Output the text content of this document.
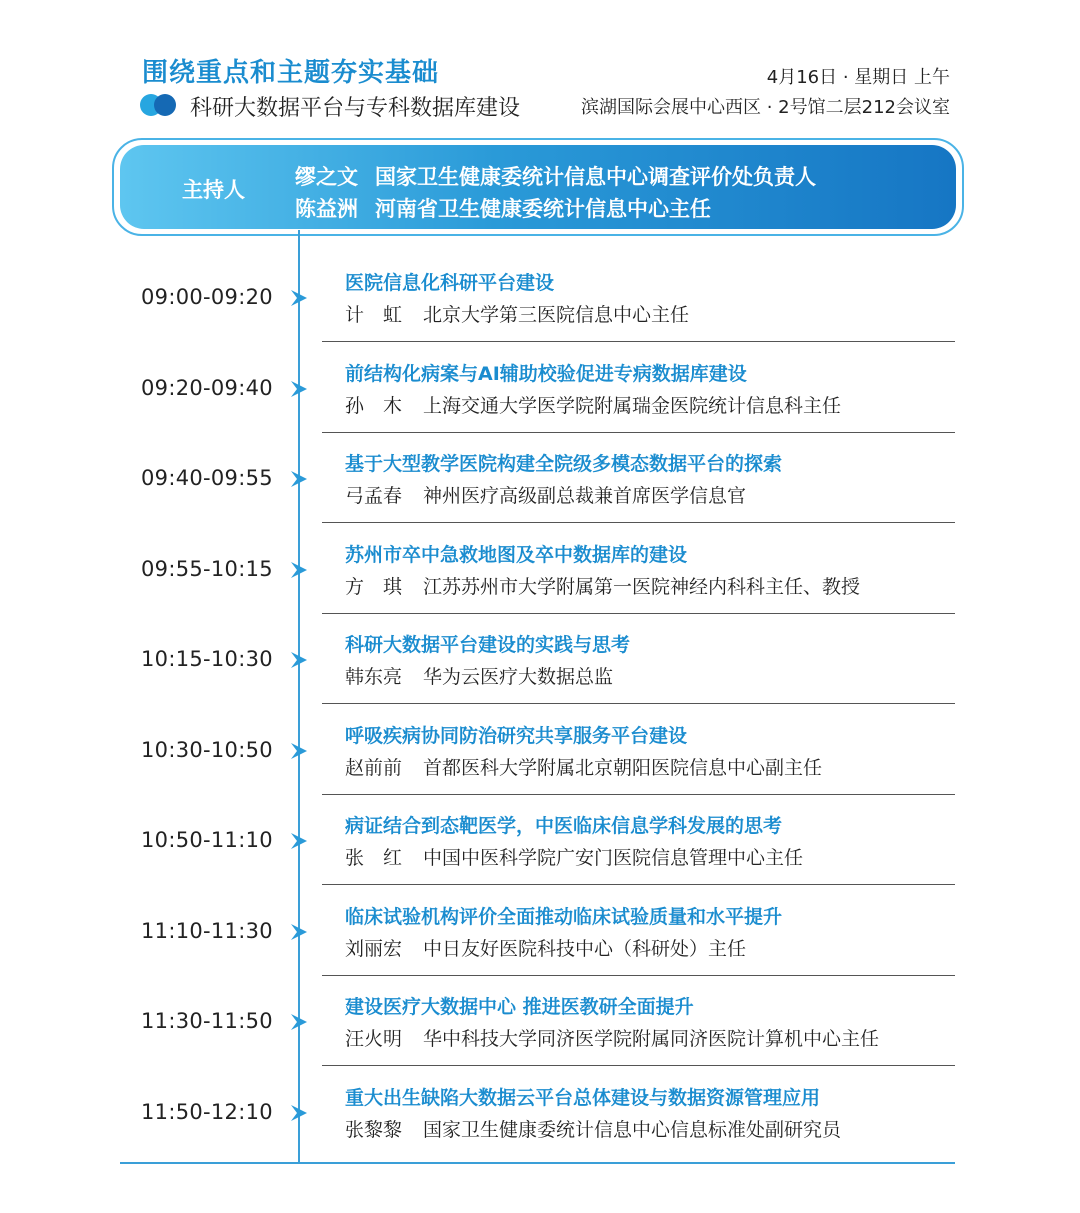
围绕重点和主题夯实基础
科研大数据平台与专科数据库建设
4月16日 · 星期日 上午
滨湖国际会展中心西区 · 2号馆二层212会议室
主持人
缪之文 国家卫生健康委统计信息中心调查评价处负责人
陈益洲 河南省卫生健康委统计信息中心主任
09:00-09:20
医院信息化科研平台建设
计　虹 北京大学第三医院信息中心主任
09:20-09:40
前结构化病案与AI辅助校验促进专病数据库建设
孙　木 上海交通大学医学院附属瑞金医院统计信息科主任
09:40-09:55
基于大型教学医院构建全院级多模态数据平台的探索
弓孟春 神州医疗高级副总裁兼首席医学信息官
09:55-10:15
苏州市卒中急救地图及卒中数据库的建设
方　琪 江苏苏州市大学附属第一医院神经内科科主任、教授
10:15-10:30
科研大数据平台建设的实践与思考
韩东亮 华为云医疗大数据总监
10:30-10:50
呼吸疾病协同防治研究共享服务平台建设
赵前前 首都医科大学附属北京朝阳医院信息中心副主任
10:50-11:10
病证结合到态靶医学，中医临床信息学科发展的思考
张　红 中国中医科学院广安门医院信息管理中心主任
11:10-11:30
临床试验机构评价全面推动临床试验质量和水平提升
刘丽宏 中日友好医院科技中心（科研处）主任
11:30-11:50
建设医疗大数据中心 推进医教研全面提升
汪火明 华中科技大学同济医学院附属同济医院计算机中心主任
11:50-12:10
重大出生缺陷大数据云平台总体建设与数据资源管理应用
张黎黎 国家卫生健康委统计信息中心信息标准处副研究员
